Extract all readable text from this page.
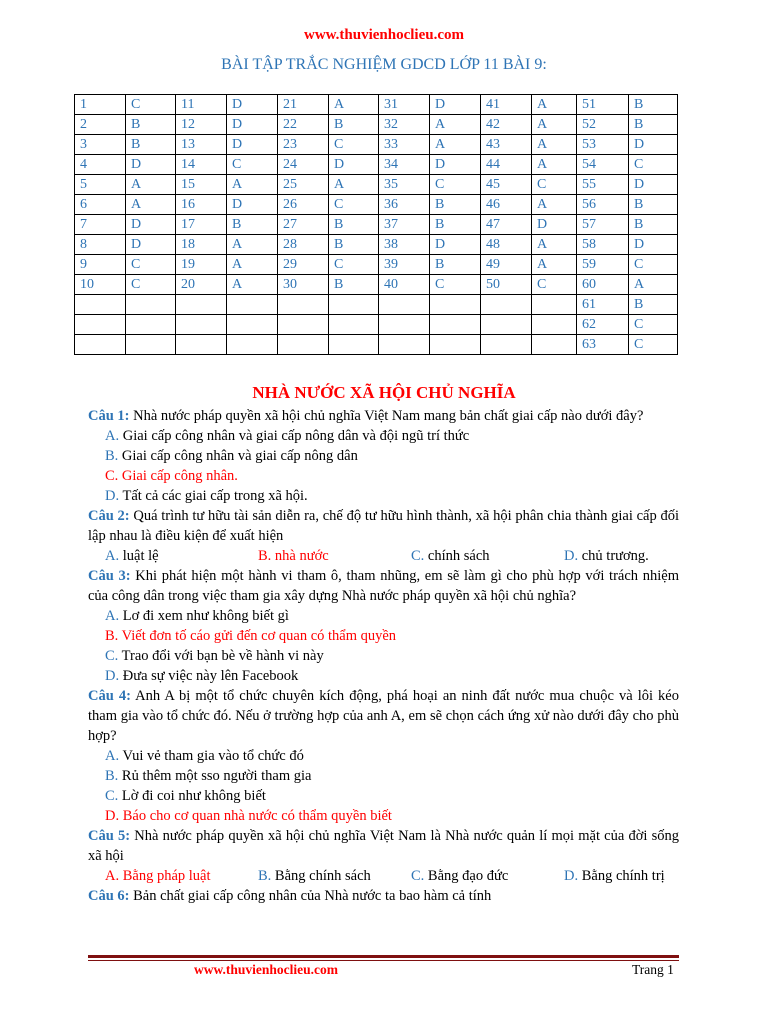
www.thuvienhoclieu.com
BÀI TẬP TRẮC NGHIỆM GDCD LỚP 11 BÀI 9:
1	C	11	D	21	A	31	D	41	A	51	B
2	B	12	D	22	B	32	A	42	A	52	B
3	B	13	D	23	C	33	A	43	A	53	D
4	D	14	C	24	D	34	D	44	A	54	C
5	A	15	A	25	A	35	C	45	C	55	D
6	A	16	D	26	C	36	B	46	A	56	B
7	D	17	B	27	B	37	B	47	D	57	B
8	D	18	A	28	B	38	D	48	A	58	D
9	C	19	A	29	C	39	B	49	A	59	C
10	C	20	A	30	B	40	C	50	C	60	A
										61	B
										62	C
										63	C
NHÀ NƯỚC XÃ HỘI CHỦ NGHĨA
Câu 1: Nhà nước pháp quyền xã hội chủ nghĩa Việt Nam mang bản chất giai cấp nào dưới đây?
A. Giai cấp công nhân và giai cấp nông dân và đội ngũ trí thức
B. Giai cấp công nhân và giai cấp nông dân
C. Giai cấp công nhân.
D. Tất cả các giai cấp trong xã hội.
Câu 2: Quá trình tư hữu tài sản diễn ra, chế độ tư hữu hình thành, xã hội phân chia thành giai cấp đối lập nhau là điều kiện để xuất hiện
A. luật lệ	B. nhà nước	C. chính sách	D. chủ trương.
Câu 3: Khi phát hiện một hành vi tham ô, tham nhũng, em sẽ làm gì cho phù hợp với trách nhiệm của công dân trong việc tham gia xây dựng Nhà nước pháp quyền xã hội chủ nghĩa?
A. Lơ đi xem như không biết gì
B. Viết đơn tố cáo gửi đến cơ quan có thẩm quyền
C. Trao đổi với bạn bè về hành vi này
D. Đưa sự việc này lên Facebook
Câu 4: Anh A bị một tổ chức chuyên kích động, phá hoại an ninh đất nước mua chuộc và lôi kéo tham gia vào tổ chức đó. Nếu ở trường hợp của anh A, em sẽ chọn cách ứng xử nào dưới đây cho phù hợp?
A. Vui vẻ tham gia vào tổ chức đó
B. Rủ thêm một sso người tham gia
C. Lờ đi coi như không biết
D. Báo cho cơ quan nhà nước có thẩm quyền biết
Câu 5: Nhà nước pháp quyền xã hội chủ nghĩa Việt Nam là Nhà nước quản lí mọi mặt của đời sống xã hội
A. Bằng pháp luật	B. Bằng chính sách	C. Bằng đạo đức	D. Bằng chính trị
Câu 6: Bản chất giai cấp công nhân của Nhà nước ta bao hàm cả tính
www.thuvienhoclieu.com	Trang 1
